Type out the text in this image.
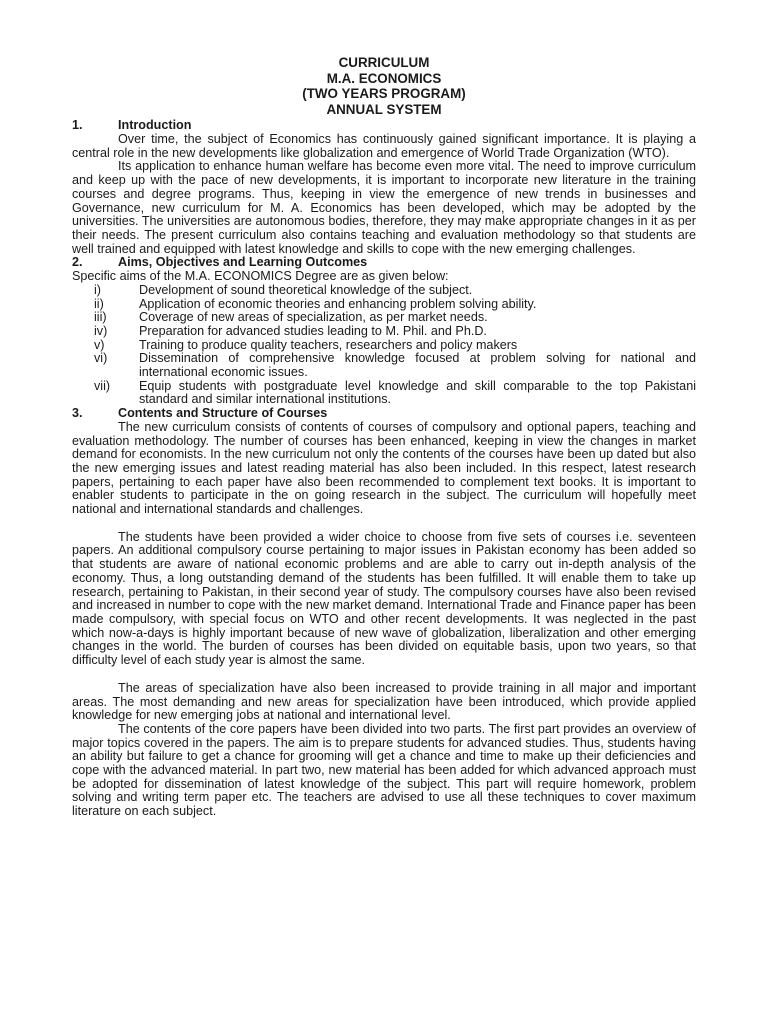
CURRICULUM
M.A. ECONOMICS
(TWO YEARS PROGRAM)
ANNUAL SYSTEM
1.	Introduction

Over time, the subject of Economics has continuously gained significant importance. It is playing a central role in the new developments like globalization and emergence of World Trade Organization (WTO).

Its application to enhance human welfare has become even more vital. The need to improve curriculum and keep up with the pace of new developments, it is important to incorporate new literature in the training courses and degree programs. Thus, keeping in view the emergence of new trends in businesses and Governance, new curriculum for M. A. Economics has been developed, which may be adopted by the universities. The universities are autonomous bodies, therefore, they may make appropriate changes in it as per their needs. The present curriculum also contains teaching and evaluation methodology so that students are well trained and equipped with latest knowledge and skills to cope with the new emerging challenges.

2.	Aims, Objectives and Learning Outcomes

Specific aims of the M.A. ECONOMICS Degree are as given below:

i)	Development of sound theoretical knowledge of the subject.
ii)	Application of economic theories and enhancing problem solving ability.
iii)	Coverage of new areas of specialization, as per market needs.
iv)	Preparation for advanced studies leading to M. Phil. and Ph.D.
v)	Training to produce quality teachers, researchers and policy makers
vi)	Dissemination of comprehensive knowledge focused at problem solving for national and international economic issues.
vii)	Equip students with postgraduate level knowledge and skill comparable to the top Pakistani standard and similar international institutions.
3.	Contents and Structure of Courses

The new curriculum consists of contents of courses of compulsory and optional papers, teaching and evaluation methodology. The number of courses has been enhanced, keeping in view the changes in market demand for economists. In the new curriculum not only the contents of the courses have been up dated but also the new emerging issues and latest reading material has also been included. In this respect, latest research papers, pertaining to each paper have also been recommended to complement text books. It is important to enabler students to participate in the on going research in the subject. The curriculum will hopefully meet national and international standards and challenges.

The students have been provided a wider choice to choose from five sets of courses i.e. seventeen papers. An additional compulsory course pertaining to major issues in Pakistan economy has been added so that students are aware of national economic problems and are able to carry out in-depth analysis of the economy. Thus, a long outstanding demand of the students has been fulfilled. It will enable them to take up research, pertaining to Pakistan, in their second year of study. The compulsory courses have also been revised and increased in number to cope with the new market demand. International Trade and Finance paper has been made compulsory, with special focus on WTO and other recent developments. It was neglected in the past which now-a-days is highly important because of new wave of globalization, liberalization and other emerging changes in the world. The burden of courses has been divided on equitable basis, upon two years, so that difficulty level of each study year is almost the same.

The areas of specialization have also been increased to provide training in all major and important areas. The most demanding and new areas for specialization have been introduced, which provide applied knowledge for new emerging jobs at national and international level.

The contents of the core papers have been divided into two parts. The first part provides an overview of major topics covered in the papers. The aim is to prepare students for advanced studies. Thus, students having an ability but failure to get a chance for grooming will get a chance and time to make up their deficiencies and cope with the advanced material. In part two, new material has been added for which advanced approach must be adopted for dissemination of latest knowledge of the subject. This part will require homework, problem solving and writing term paper etc. The teachers are advised to use all these techniques to cover maximum literature on each subject.
